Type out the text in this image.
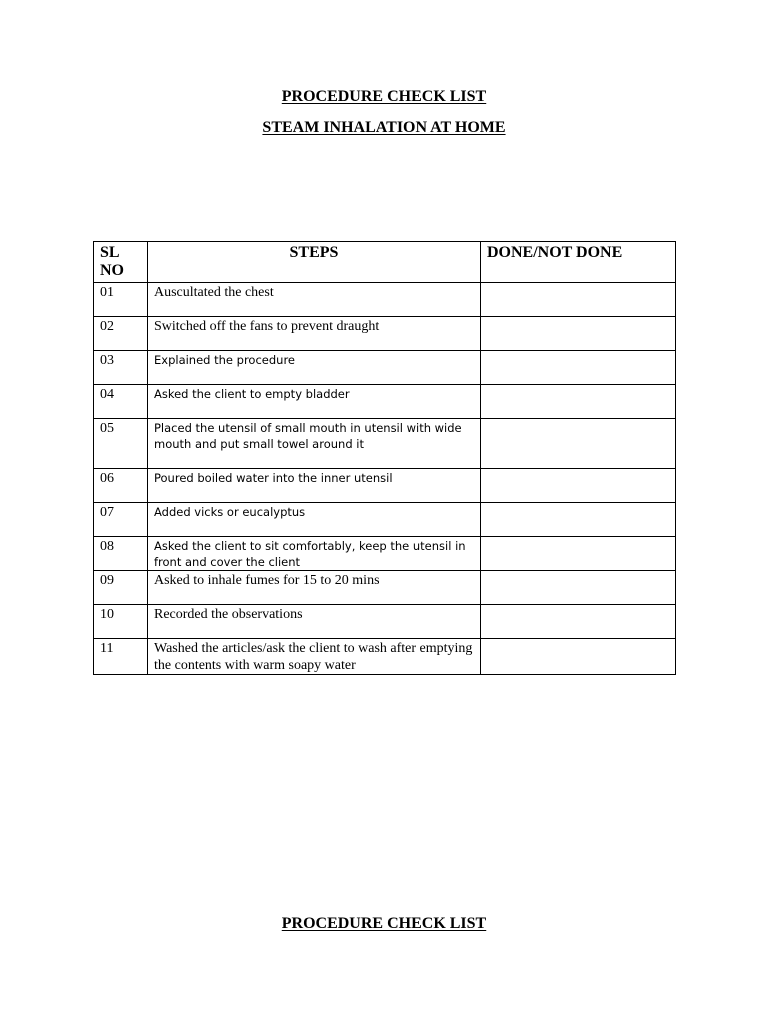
PROCEDURE CHECK LIST
STEAM INHALATION AT HOME
SL NO	STEPS	DONE/NOT DONE

01	Auscultated the chest	

02	Switched off the fans to prevent draught	

03	Explained the procedure	

04	Asked the client to empty bladder	

05	Placed the utensil of small mouth in utensil with wide mouth and put small towel around it	

06	Poured boiled water into the inner utensil	

07	Added vicks or eucalyptus	

08	Asked the client to sit comfortably, keep the utensil in front and cover the client	

09	Asked to inhale fumes for 15 to 20 mins	

10	Recorded the observations	

11	Washed the articles/ask the client to wash after emptying the contents with warm soapy water	

PROCEDURE CHECK LIST
